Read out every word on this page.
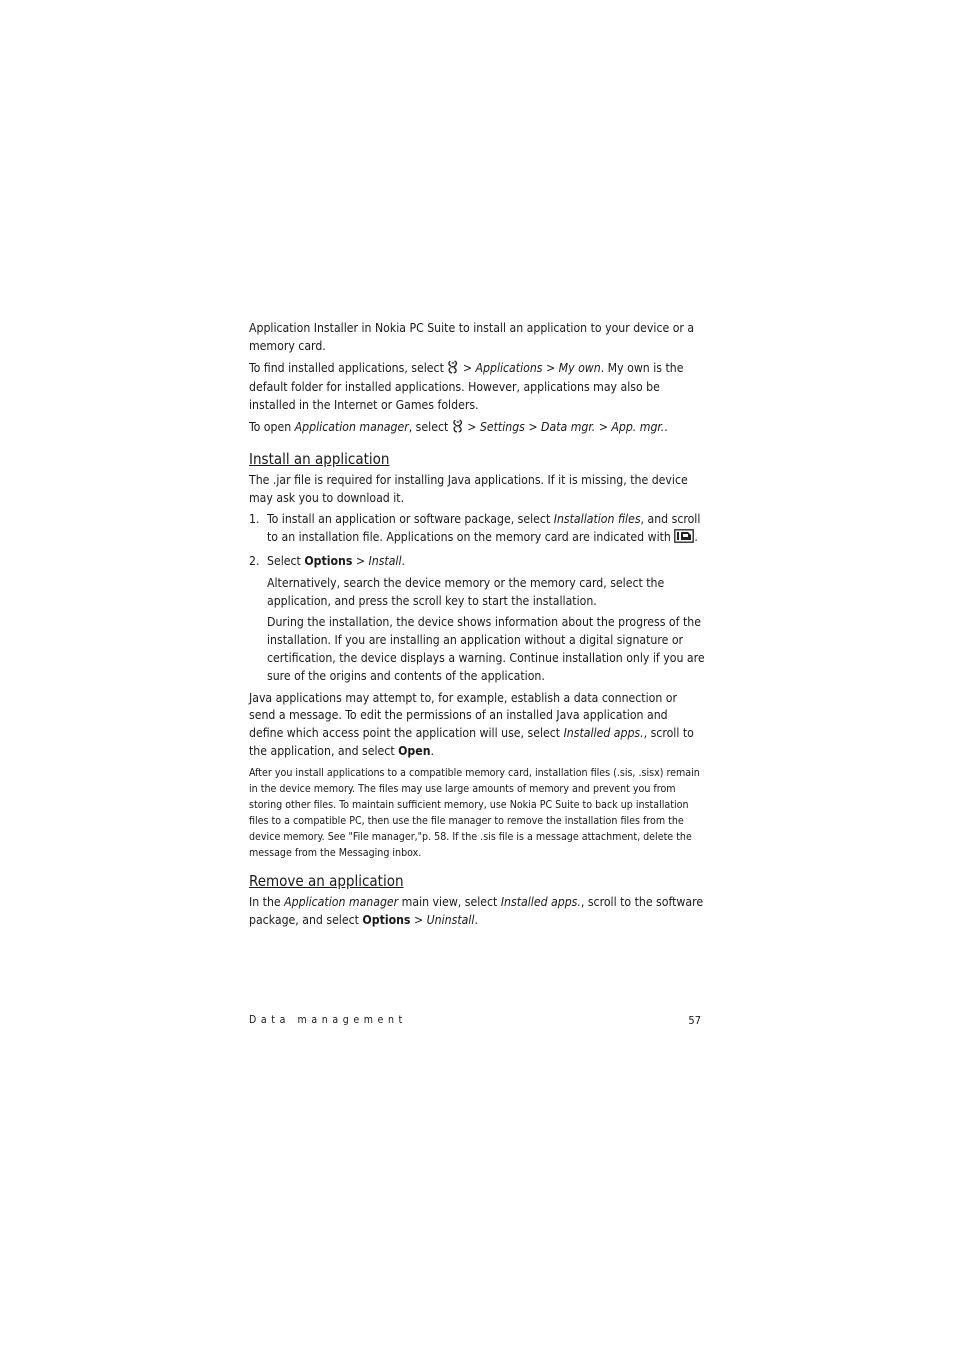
Application Installer in Nokia PC Suite to install an application to your device or a memory card.

To find installed applications, select  > Applications > My own. My own is the default folder for installed applications. However, applications may also be installed in the Internet or Games folders.

To open Application manager, select  > Settings > Data mgr. > App. mgr..

Install an application

The .jar file is required for installing Java applications. If it is missing, the device may ask you to download it.

1. To install an application or software package, select Installation files, and scroll to an installation file. Applications on the memory card are indicated with .
2. Select Options > Install.

Alternatively, search the device memory or the memory card, select the application, and press the scroll key to start the installation.

During the installation, the device shows information about the progress of the installation. If you are installing an application without a digital signature or certification, the device displays a warning. Continue installation only if you are sure of the origins and contents of the application.

Java applications may attempt to, for example, establish a data connection or send a message. To edit the permissions of an installed Java application and define which access point the application will use, select Installed apps., scroll to the application, and select Open.

After you install applications to a compatible memory card, installation files (.sis, .sisx) remain in the device memory. The files may use large amounts of memory and prevent you from storing other files. To maintain sufficient memory, use Nokia PC Suite to back up installation files to a compatible PC, then use the file manager to remove the installation files from the device memory. See "File manager,"p. 58. If the .sis file is a message attachment, delete the message from the Messaging inbox.

Remove an application

In the Application manager main view, select Installed apps., scroll to the software package, and select Options > Uninstall.

Data management	57
